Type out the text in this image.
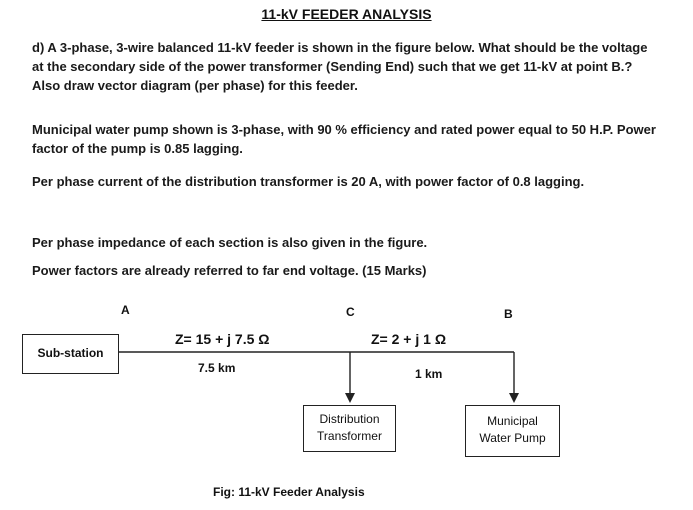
11-kV FEEDER ANALYSIS
d) A 3-phase, 3-wire balanced 11-kV feeder is shown in the figure below. What should be the voltage at the secondary side of the power transformer (Sending End) such that we get 11-kV at point B.? Also draw vector diagram (per phase) for this feeder.
Municipal water pump shown is 3-phase, with 90 % efficiency and rated power equal to 50 H.P. Power factor of the pump is 0.85 lagging.
Per phase current of the distribution transformer is 20 A, with power factor of 0.8 lagging.
Per phase impedance of each section is also given in the figure.
Power factors are already referred to far end voltage. (15 Marks)
A	C	B
Sub-station
Z= 15 + j 7.5 Ω
7.5 km
Z= 2 + j 1 Ω
1 km
Distribution
Transformer
Municipal
Water Pump
Fig: 11-kV Feeder Analysis
